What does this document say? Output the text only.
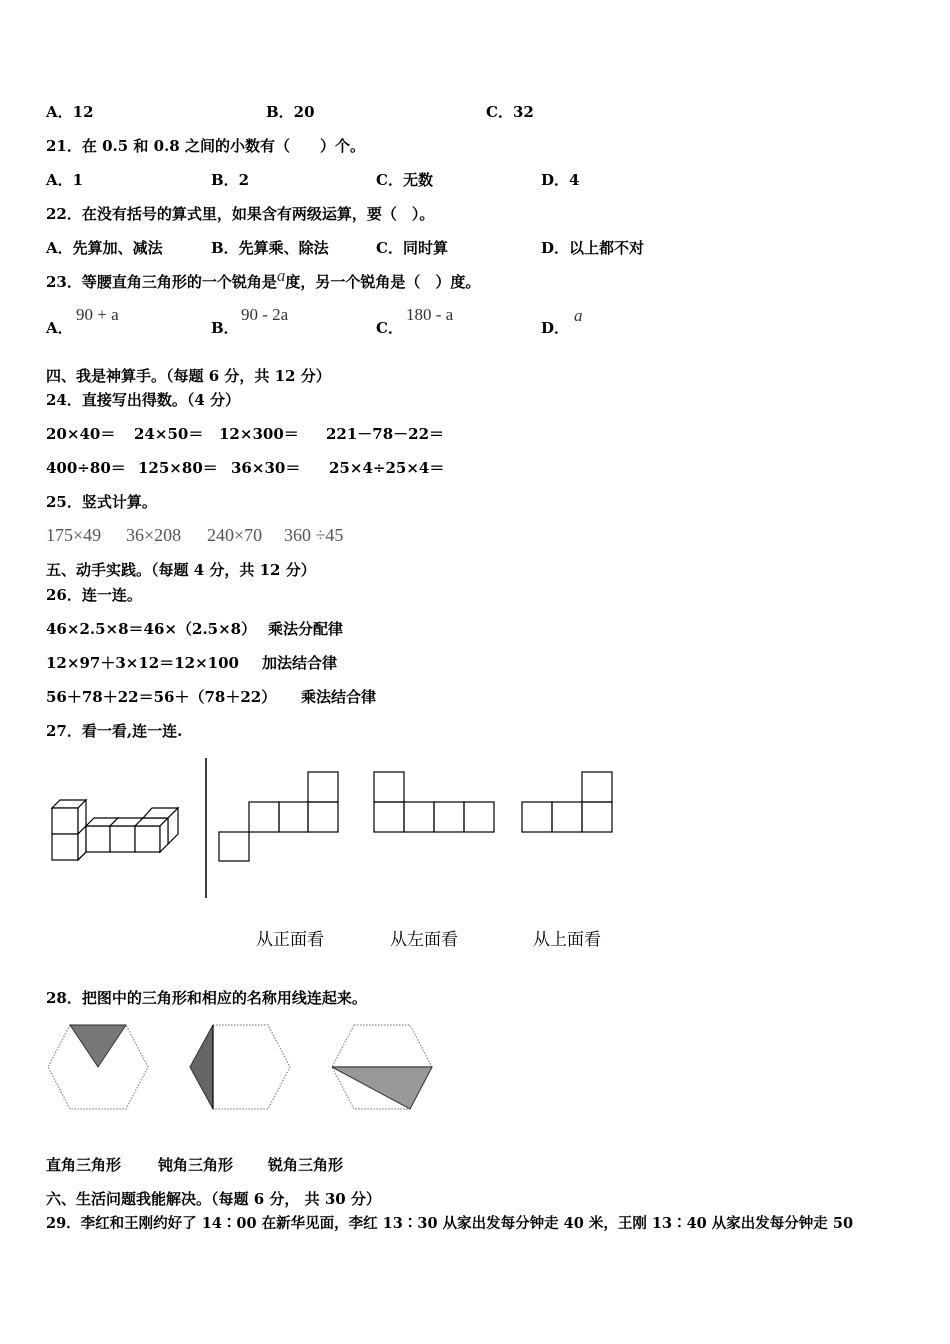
A．12	B．20	C．32
21．在 0.5 和 0.8 之间的小数有（　　）个。
A．1	B．2	C．无数	D．4
22．在没有括号的算式里，如果含有两级运算，要（　）。
A．先算加、减法	B．先算乘、除法	C．同时算	D．以上都不对
23．等腰直角三角形的一个锐角是a度，另一个锐角是（　）度。
A．
90 + a
B．
90 - 2a
C．
180 - a
D．
a
四、我是神算手。（每题 6 分，共 12 分）
24．直接写出得数。（4 分）
20×40＝ 24×50＝ 12×300＝ 221－78－22＝
400÷80＝ 125×80＝ 36×30＝ 25×4÷25×4＝
25．竖式计算。
175×49 36×208 240×70 360 ÷45
五、动手实践。（每题 4 分，共 12 分）
26．连一连。
46×2.5×8＝46×（2.5×8） 乘法分配律
12×97＋3×12＝12×100 加法结合律
56＋78＋22＝56＋（78＋22） 乘法结合律
27．看一看,连一连.
从正面看	从左面看	从上面看
28．把图中的三角形和相应的名称用线连起来。
直角三角形 钝角三角形 锐角三角形
六、生活问题我能解决。（每题 6 分， 共 30 分）
29．李红和王刚约好了 14∶00 在新华见面，李红 13∶30 从家出发每分钟走 40 米，王刚 13∶40 从家出发每分钟走 50
